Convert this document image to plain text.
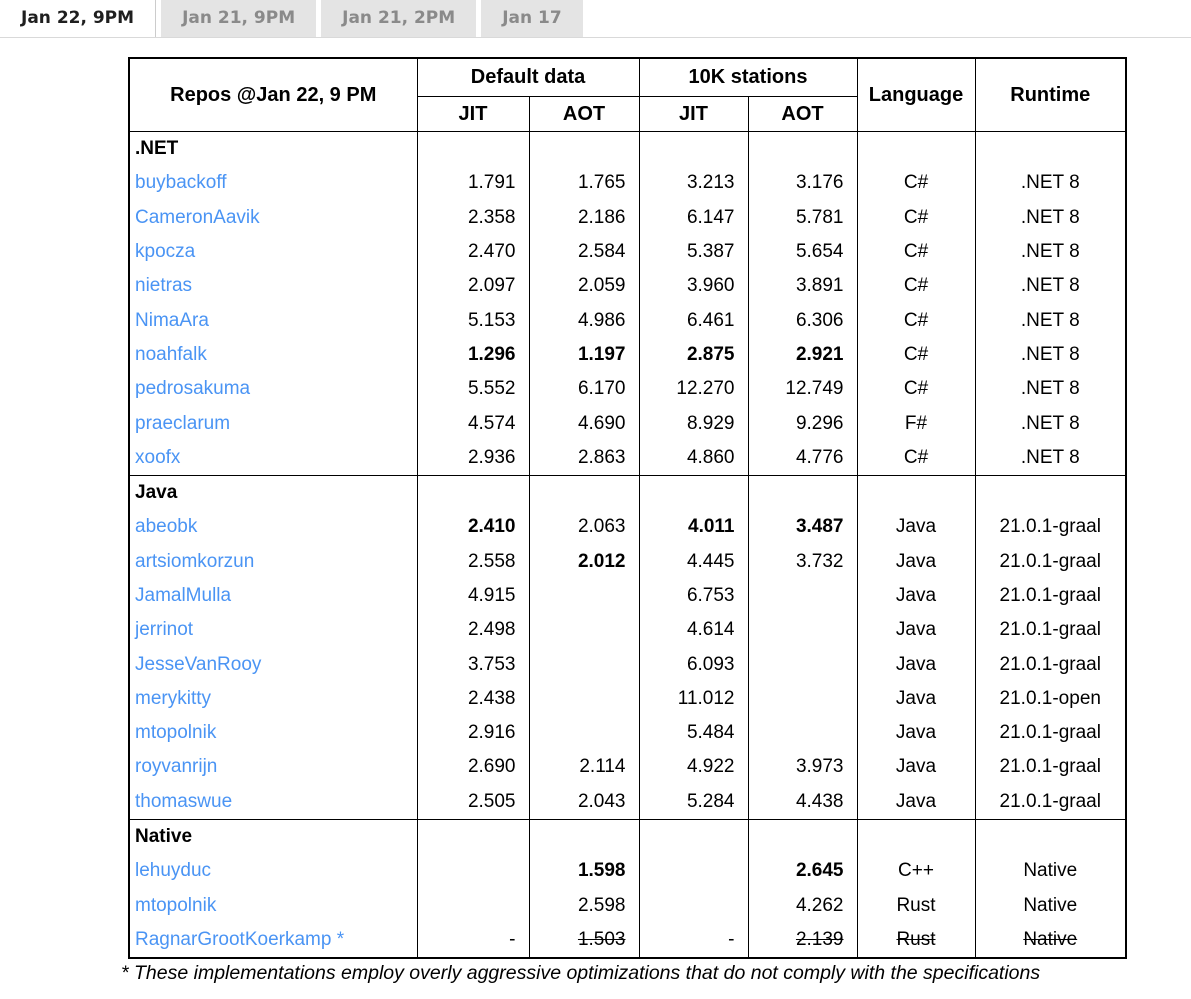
Jan 22, 9PM	Jan 21, 9PM	Jan 21, 2PM	Jan 17
Repos @Jan 22, 9 PM	Default data		10K stations		Language	Runtime
	JIT	AOT	JIT	AOT		
.NET						
buybackoff	1.791	1.765	3.213	3.176	C#	.NET 8
CameronAavik	2.358	2.186	6.147	5.781	C#	.NET 8
kpocza	2.470	2.584	5.387	5.654	C#	.NET 8
nietras	2.097	2.059	3.960	3.891	C#	.NET 8
NimaAra	5.153	4.986	6.461	6.306	C#	.NET 8
noahfalk	1.296	1.197	2.875	2.921	C#	.NET 8
pedrosakuma	5.552	6.170	12.270	12.749	C#	.NET 8
praeclarum	4.574	4.690	8.929	9.296	F#	.NET 8
xoofx	2.936	2.863	4.860	4.776	C#	.NET 8
Java						
abeobk	2.410	2.063	4.011	3.487	Java	21.0.1-graal
artsiomkorzun	2.558	2.012	4.445	3.732	Java	21.0.1-graal
JamalMulla	4.915		6.753		Java	21.0.1-graal
jerrinot	2.498		4.614		Java	21.0.1-graal
JesseVanRooy	3.753		6.093		Java	21.0.1-graal
merykitty	2.438		11.012		Java	21.0.1-open
mtopolnik	2.916		5.484		Java	21.0.1-graal
royvanrijn	2.690	2.114	4.922	3.973	Java	21.0.1-graal
thomaswue	2.505	2.043	5.284	4.438	Java	21.0.1-graal
Native						
lehuyduc		1.598		2.645	C++	Native
mtopolnik		2.598		4.262	Rust	Native
RagnarGrootKoerkamp *	-	1.503	-	2.139	Rust	Native
* These implementations employ overly aggressive optimizations that do not comply with the specifications
